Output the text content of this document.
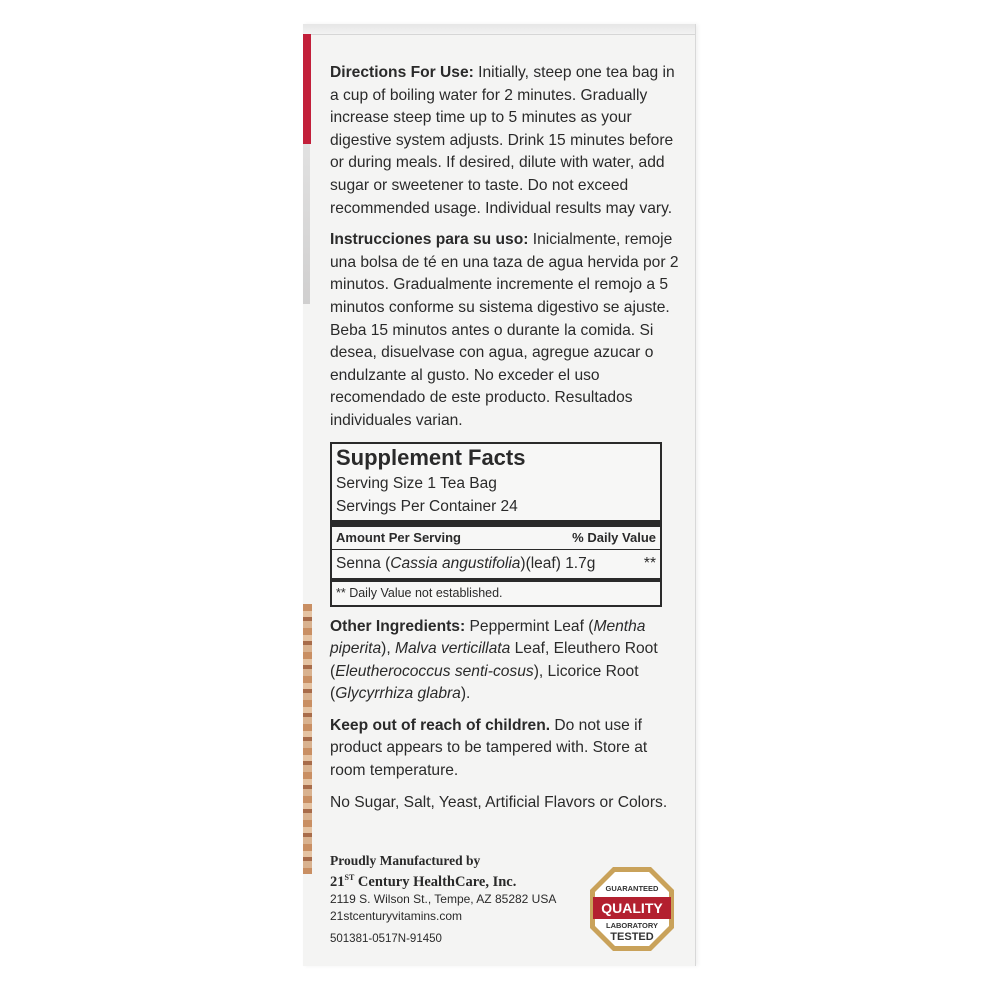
Directions For Use: Initially, steep one tea bag in a cup of boiling water for 2 minutes. Gradually increase steep time up to 5 minutes as your digestive system adjusts. Drink 15 minutes before or during meals. If desired, dilute with water, add sugar or sweetener to taste. Do not exceed recommended usage. Individual results may vary.

Instrucciones para su uso: Inicialmente, remoje una bolsa de té en una taza de agua hervida por 2 minutos. Gradualmente incremente el remojo a 5 minutos conforme su sistema digestivo se ajuste. Beba 15 minutos antes o durante la comida. Si desea, disuelvase con agua, agregue azucar o endulzante al gusto. No exceder el uso recomendado de este producto. Resultados individuales varian.

Supplement Facts
Serving Size 1 Tea Bag
Servings Per Container 24
Amount Per Serving	% Daily Value
Senna (Cassia angustifolia)(leaf) 1.7g	**
** Daily Value not established.

Other Ingredients: Peppermint Leaf (Mentha piperita), Malva verticillata Leaf, Eleuthero Root (Eleutherococcus senti-cosus), Licorice Root (Glycyrrhiza glabra).

Keep out of reach of children. Do not use if product appears to be tampered with. Store at room temperature.

No Sugar, Salt, Yeast, Artificial Flavors or Colors.

Proudly Manufactured by
21ST Century HealthCare, Inc.
2119 S. Wilson St., Tempe, AZ 85282 USA
21stcenturyvitamins.com
501381-0517N-91450
GUARANTEED
QUALITY
LABORATORY
TESTED
